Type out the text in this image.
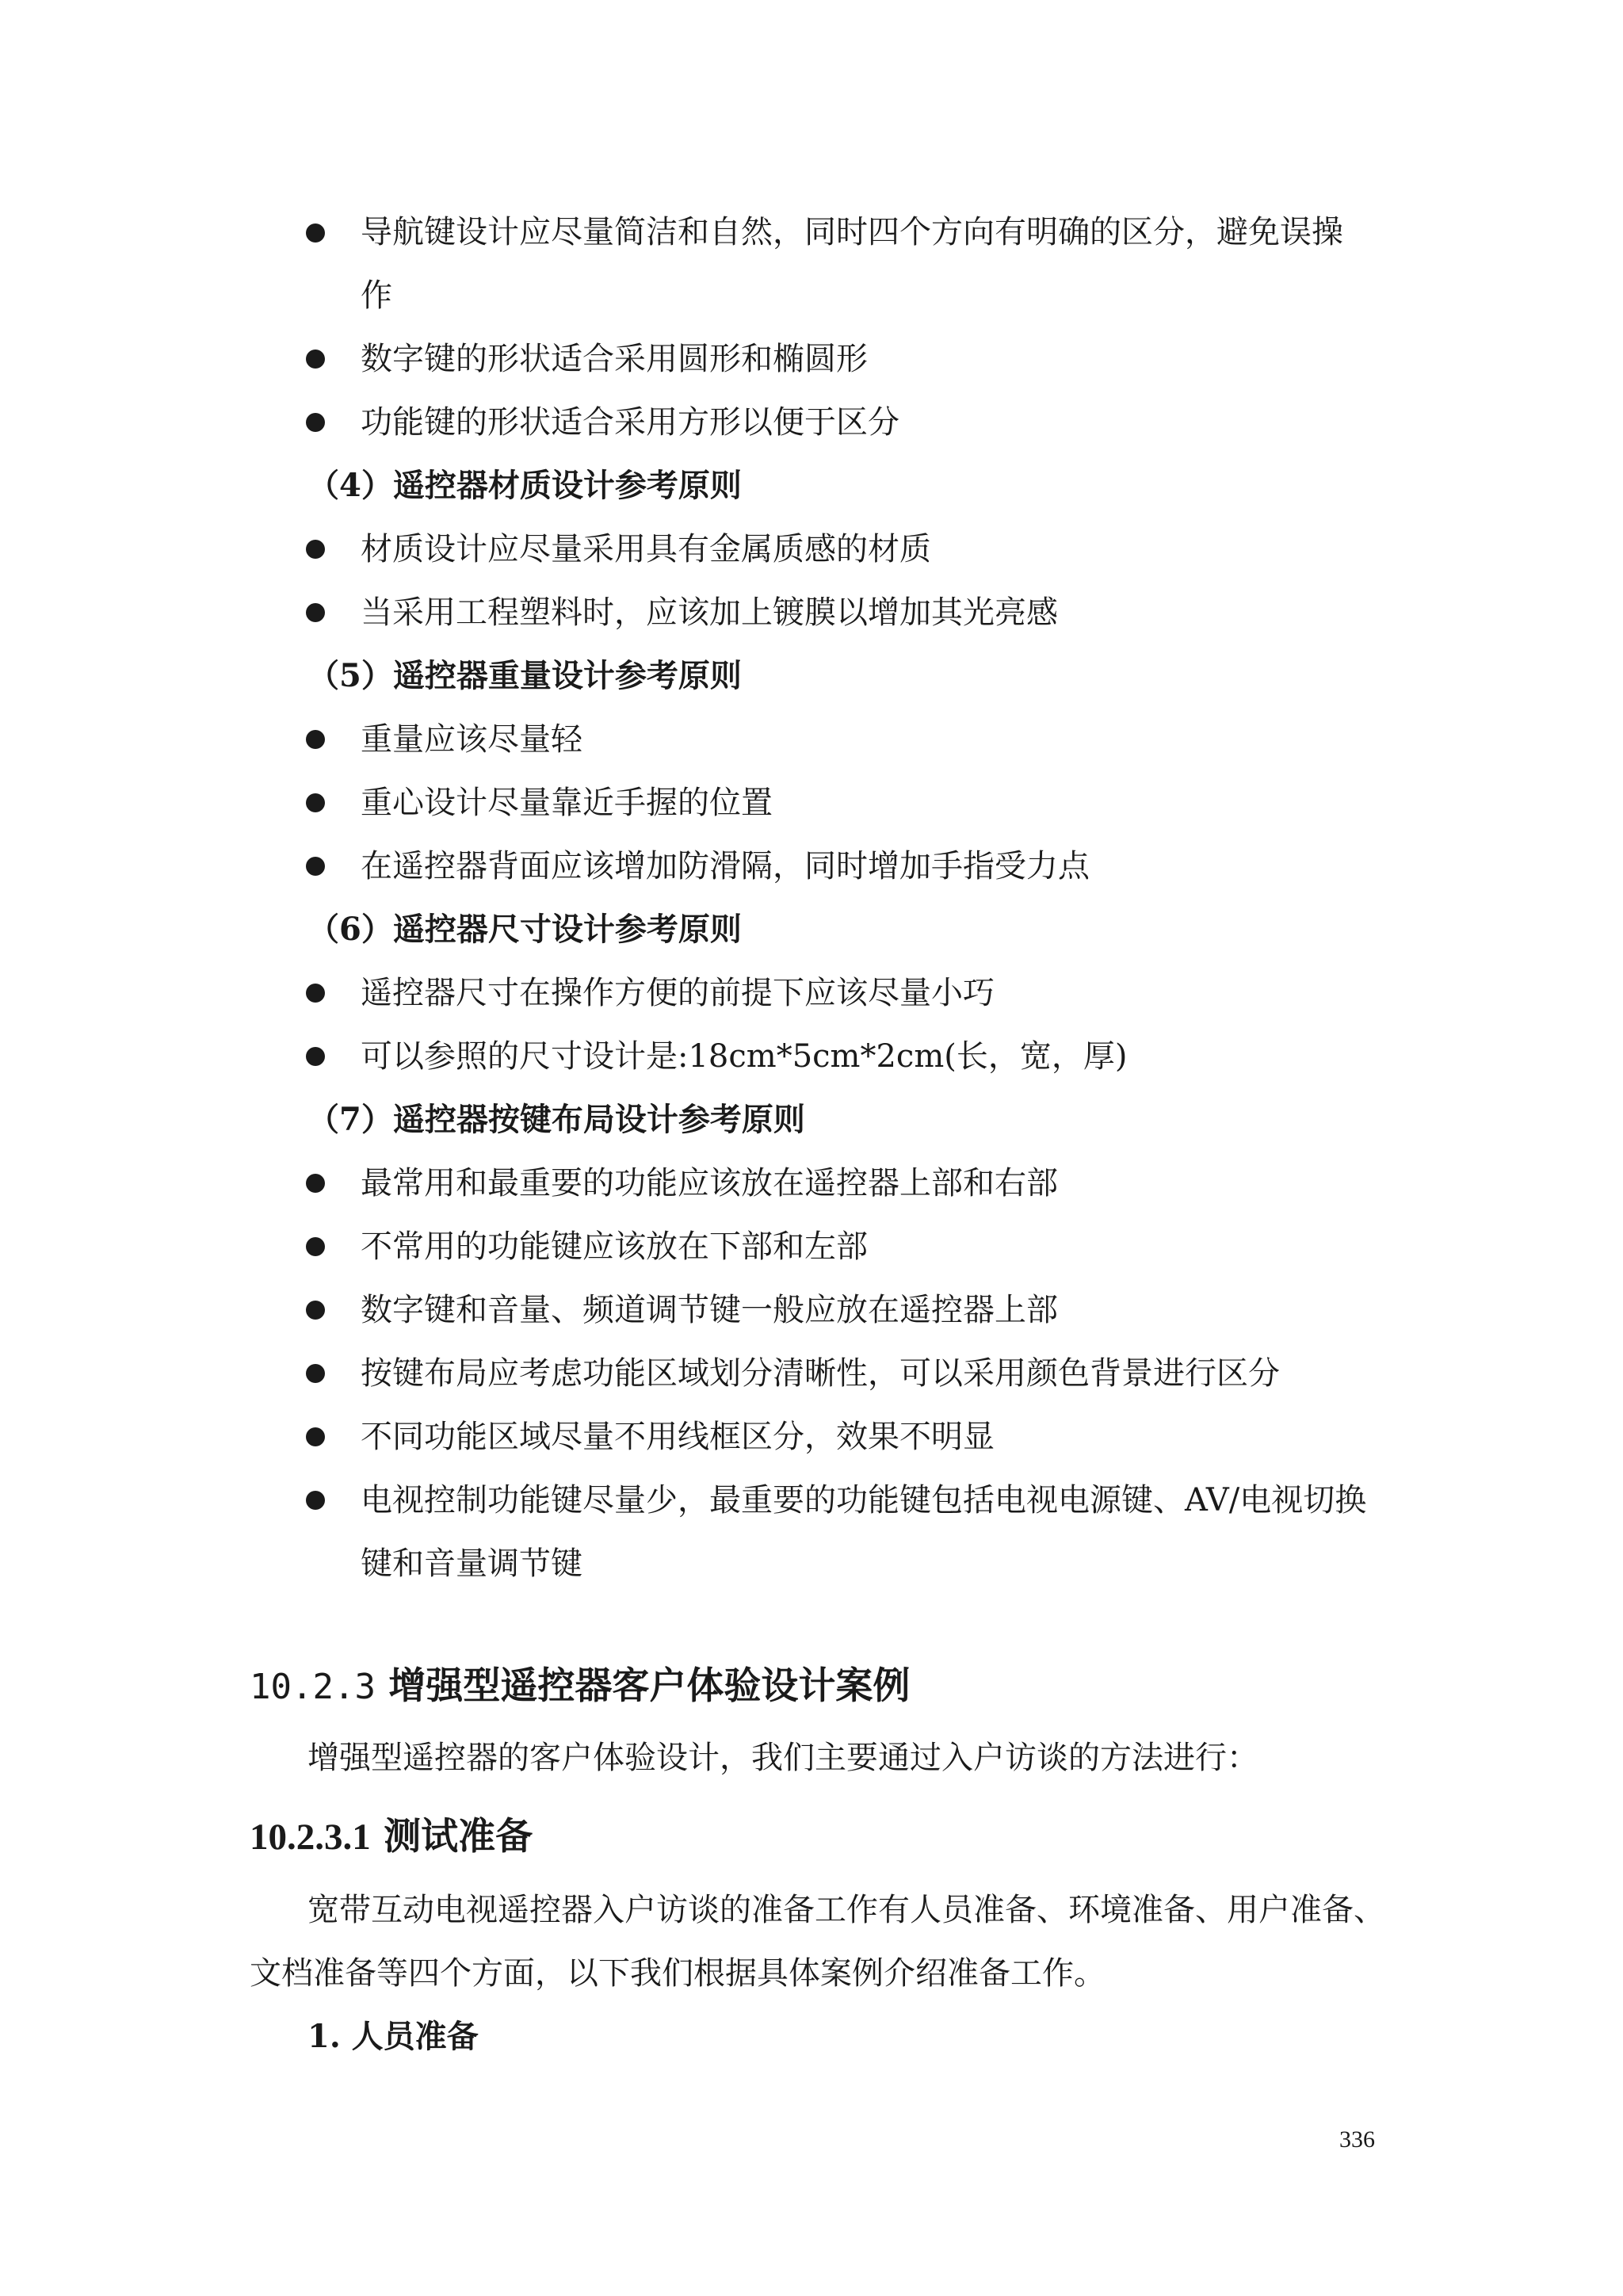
导航键设计应尽量简洁和自然，同时四个方向有明确的区分，避免误操
作
数字键的形状适合采用圆形和椭圆形
功能键的形状适合采用方形以便于区分
（4）遥控器材质设计参考原则
材质设计应尽量采用具有金属质感的材质
当采用工程塑料时，应该加上镀膜以增加其光亮感
（5）遥控器重量设计参考原则
重量应该尽量轻
重心设计尽量靠近手握的位置
在遥控器背面应该增加防滑隔，同时增加手指受力点
（6）遥控器尺寸设计参考原则
遥控器尺寸在操作方便的前提下应该尽量小巧
可以参照的尺寸设计是:18cm*5cm*2cm(长，宽，厚)
（7）遥控器按键布局设计参考原则
最常用和最重要的功能应该放在遥控器上部和右部
不常用的功能键应该放在下部和左部
数字键和音量、频道调节键一般应放在遥控器上部
按键布局应考虑功能区域划分清晰性，可以采用颜色背景进行区分
不同功能区域尽量不用线框区分，效果不明显
电视控制功能键尽量少，最重要的功能键包括电视电源键、AV/电视切换
键和音量调节键
10.2.3 增强型遥控器客户体验设计案例
增强型遥控器的客户体验设计，我们主要通过入户访谈的方法进行：
10.2.3.1 测试准备
宽带互动电视遥控器入户访谈的准备工作有人员准备、环境准备、用户准备、
文档准备等四个方面，以下我们根据具体案例介绍准备工作。
1. 人员准备
336
